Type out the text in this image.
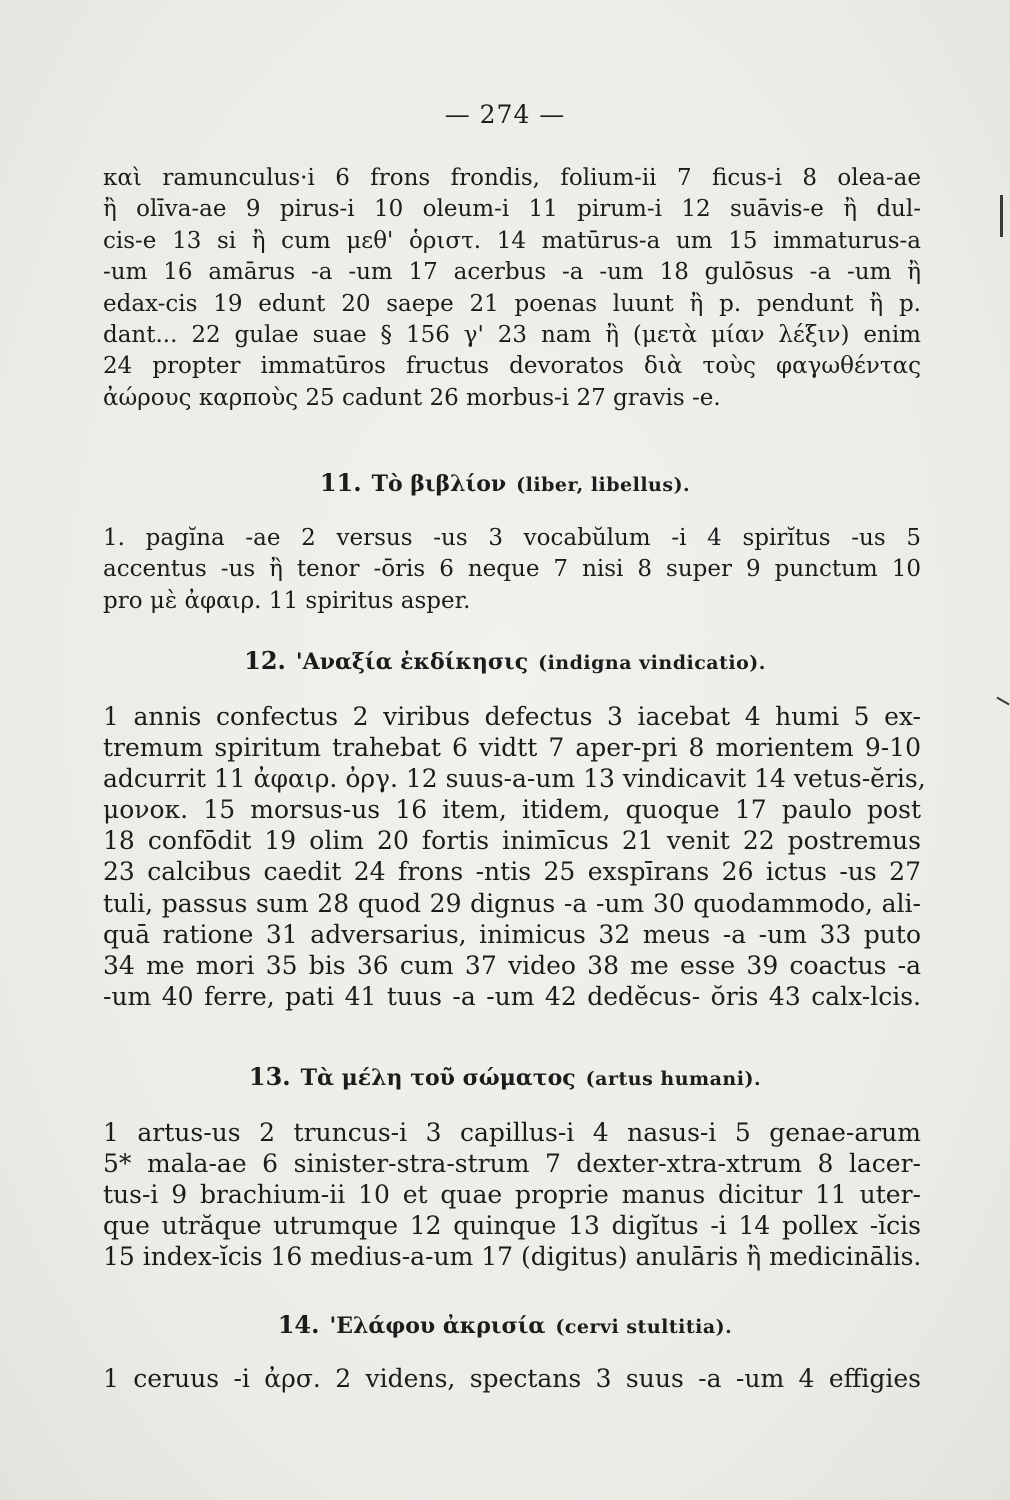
— 274 —
καὶ ramunculus·i 6 frons frondis, folium-ii 7 ficus-i 8 olea-ae
ἢ olīva-ae 9 pirus-i 10 oleum-i 11 pirum-i 12 suāvis-e ἢ dul-
cis-e 13 si ἢ cum μεθ' ὁριστ. 14 matūrus-a um 15 immaturus-a
-um 16 amārus -a -um 17 acerbus -a -um 18 gulōsus -a -um ἢ
edax-cis 19 edunt 20 saepe 21 poenas luunt ἢ p. pendunt ἢ p.
dant... 22 gulae suae § 156 γ' 23 nam ἢ (μετὰ μίαν λέξιν) enim
24 propter immatūros fructus devoratos διὰ τοὺς φαγωθέντας
ἀώρους καρποὺς 25 cadunt 26 morbus-i 27 gravis -e.
11. Τὸ βιβλίον (liber, libellus).
1. pagĭna -ae 2 versus -us 3 vocabŭlum -i 4 spirĭtus -us 5
accentus -us ἢ tenor -ōris 6 neque 7 nisi 8 super 9 punctum 10
pro μὲ ἀφαιρ. 11 spiritus asper.
12. 'Αναξία ἐκδίκησις (indigna vindicatio).
1 annis confectus 2 viribus defectus 3 iacebat 4 humi 5 ex-
tremum spiritum trahebat 6 vidtt 7 aper-pri 8 morientem 9-10
adcurrit 11 ἀφαιρ. ὀργ. 12 suus-a-um 13 vindicavit 14 vetus-ĕris,
μονοκ. 15 morsus-us 16 item, itidem, quoque 17 paulo post
18 confōdit 19 olim 20 fortis inimīcus 21 venit 22 postremus
23 calcibus caedit 24 frons -ntis 25 exspīrans 26 ictus -us 27
tuli, passus sum 28 quod 29 dignus -a -um 30 quodammodo, ali-
quā ratione 31 adversarius, inimicus 32 meus -a -um 33 puto
34 me mori 35 bis 36 cum 37 video 38 me esse 39 coactus -a
-um 40 ferre, pati 41 tuus -a -um 42 dedĕcus- ŏris 43 calx-lcis.
13. Τὰ μέλη τοῦ σώματος (artus humani).
1 artus-us 2 truncus-i 3 capillus-i 4 nasus-i 5 genae-arum
5* mala-ae 6 sinister-stra-strum 7 dexter-xtra-xtrum 8 lacer-
tus-i 9 brachium-ii 10 et quae proprie manus dicitur 11 uter-
que utrăque utrumque 12 quinque 13 digĭtus -i 14 pollex -ĭcis
15 index-ĭcis 16 medius-a-um 17 (digitus) anulāris ἢ medicinālis.
14. 'Ελάφου ἀκρισία (cervi stultitia).
1 ceruus -i ἀρσ. 2 videns, spectans 3 suus -a -um 4 effigies
